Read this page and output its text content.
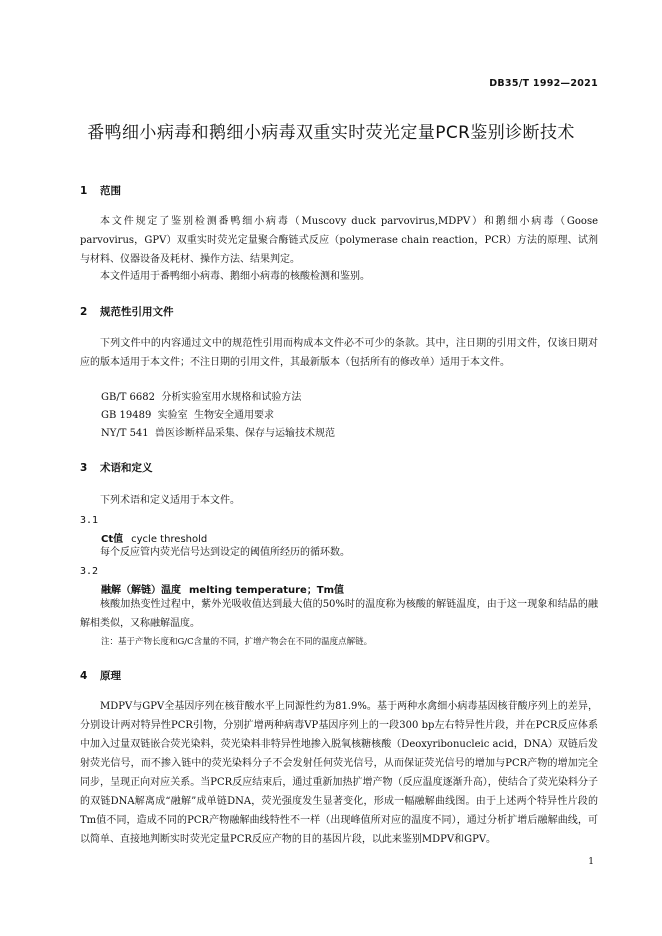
DB35/T 1992—2021
番鸭细小病毒和鹅细小病毒双重实时荧光定量PCR鉴别诊断技术
1 范围
本文件规定了鉴别检测番鸭细小病毒（Muscovy duck parvovirus,MDPV）和鹅细小病毒（Goose parvovirus，GPV）双重实时荧光定量聚合酶链式反应（polymerase chain reaction，PCR）方法的原理、试剂与材料、仪器设备及耗材、操作方法、结果判定。
本文件适用于番鸭细小病毒、鹅细小病毒的核酸检测和鉴别。
2 规范性引用文件
下列文件中的内容通过文中的规范性引用而构成本文件必不可少的条款。其中，注日期的引用文件，仅该日期对应的版本适用于本文件；不注日期的引用文件，其最新版本（包括所有的修改单）适用于本文件。
GB/T 6682  分析实验室用水规格和试验方法
GB 19489  实验室  生物安全通用要求
NY/T 541  兽医诊断样品采集、保存与运输技术规范
3 术语和定义
下列术语和定义适用于本文件。
3.1
Ct值 cycle threshold
每个反应管内荧光信号达到设定的阈值所经历的循环数。
3.2
融解（解链）温度 melting temperature；Tm值
核酸加热变性过程中，紫外光吸收值达到最大值的50%时的温度称为核酸的解链温度，由于这一现象和结晶的融解相类似，又称融解温度。
注：基于产物长度和G/C含量的不同，扩增产物会在不同的温度点解链。
4 原理
MDPV与GPV全基因序列在核苷酸水平上同源性约为81.9%。基于两种水禽细小病毒基因核苷酸序列上的差异，分别设计两对特异性PCR引物，分别扩增两种病毒VP基因序列上的一段300 bp左右特异性片段，并在PCR反应体系中加入过量双链嵌合荧光染料，荧光染料非特异性地掺入脱氧核糖核酸（Deoxyribonucleic acid，DNA）双链后发射荧光信号，而不掺入链中的荧光染料分子不会发射任何荧光信号，从而保证荧光信号的增加与PCR产物的增加完全同步，呈现正向对应关系。当PCR反应结束后，通过重新加热扩增产物（反应温度逐渐升高），使结合了荧光染料分子的双链DNA解离成“融解”成单链DNA，荧光强度发生显著变化，形成一幅融解曲线图。由于上述两个特异性片段的Tm值不同，造成不同的PCR产物融解曲线特性不一样（出现峰值所对应的温度不同），通过分析扩增后融解曲线，可以简单、直接地判断实时荧光定量PCR反应产物的目的基因片段，以此来鉴别MDPV和GPV。
1
